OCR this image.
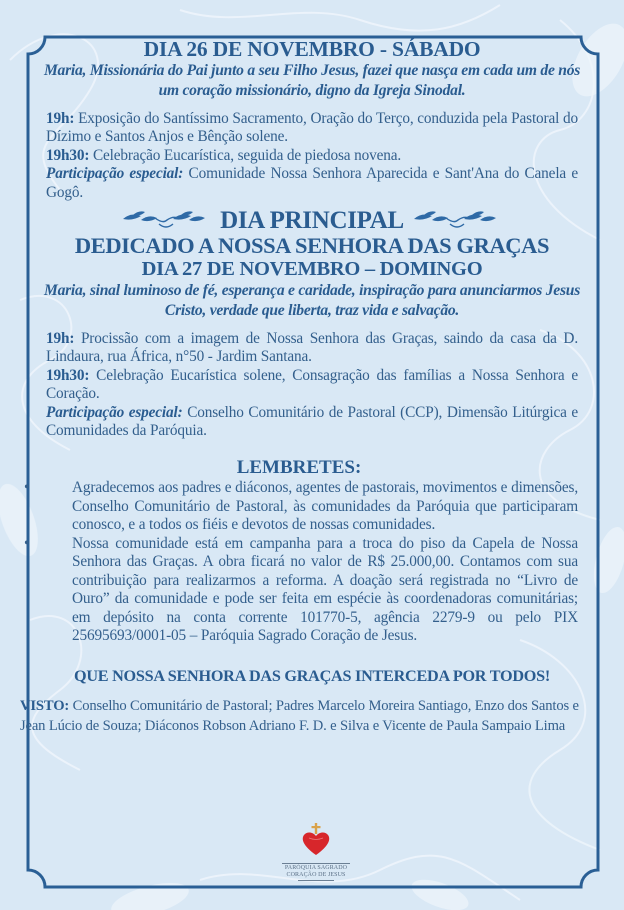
DIA 26 DE NOVEMBRO - SÁBADO
Maria, Missionária do Pai junto a seu Filho Jesus, fazei que nasça em cada um de nós um coração missionário, digno da Igreja Sinodal.

19h: Exposição do Santíssimo Sacramento, Oração do Terço, conduzida pela Pastoral do Dízimo e Santos Anjos e Bênção solene.

19h30: Celebração Eucarística, seguida de piedosa novena.

Participação especial: Comunidade Nossa Senhora Aparecida e Sant'Ana do Canela e Gogô.

DIA PRINCIPAL
DEDICADO A NOSSA SENHORA DAS GRAÇAS
DIA 27 DE NOVEMBRO – DOMINGO
Maria, sinal luminoso de fé, esperança e caridade, inspiração para anunciarmos Jesus Cristo, verdade que liberta, traz vida e salvação.

19h: Procissão com a imagem de Nossa Senhora das Graças, saindo da casa da D. Lindaura, rua África, n°50 - Jardim Santana.

19h30: Celebração Eucarística solene, Consagração das famílias a Nossa Senhora e Coração.

Participação especial: Conselho Comunitário de Pastoral (CCP), Dimensão Litúrgica e Comunidades da Paróquia.

LEMBRETES:
•	Agradecemos aos padres e diáconos, agentes de pastorais, movimentos e dimensões, Conselho Comunitário de Pastoral, às comunidades da Paróquia que participaram conosco, e a todos os fiéis e devotos de nossas comunidades.
•	Nossa comunidade está em campanha para a troca do piso da Capela de Nossa Senhora das Graças. A obra ficará no valor de R$ 25.000,00. Contamos com sua contribuição para realizarmos a reforma. A doação será registrada no “Livro de Ouro” da comunidade e pode ser feita em espécie às coordenadoras comunitárias; em depósito na conta corrente 101770-5, agência 2279-9 ou pelo PIX 25695693/0001-05 – Paróquia Sagrado Coração de Jesus.
QUE NOSSA SENHORA DAS GRAÇAS INTERCEDA POR TODOS!
VISTO: Conselho Comunitário de Pastoral; Padres Marcelo Moreira Santiago, Enzo dos Santos e Jean Lúcio de Souza; Diáconos Robson Adriano F. D. e Silva e Vicente de Paula Sampaio Lima
PARÓQUIA SAGRADO
CORAÇÃO DE JESUS
